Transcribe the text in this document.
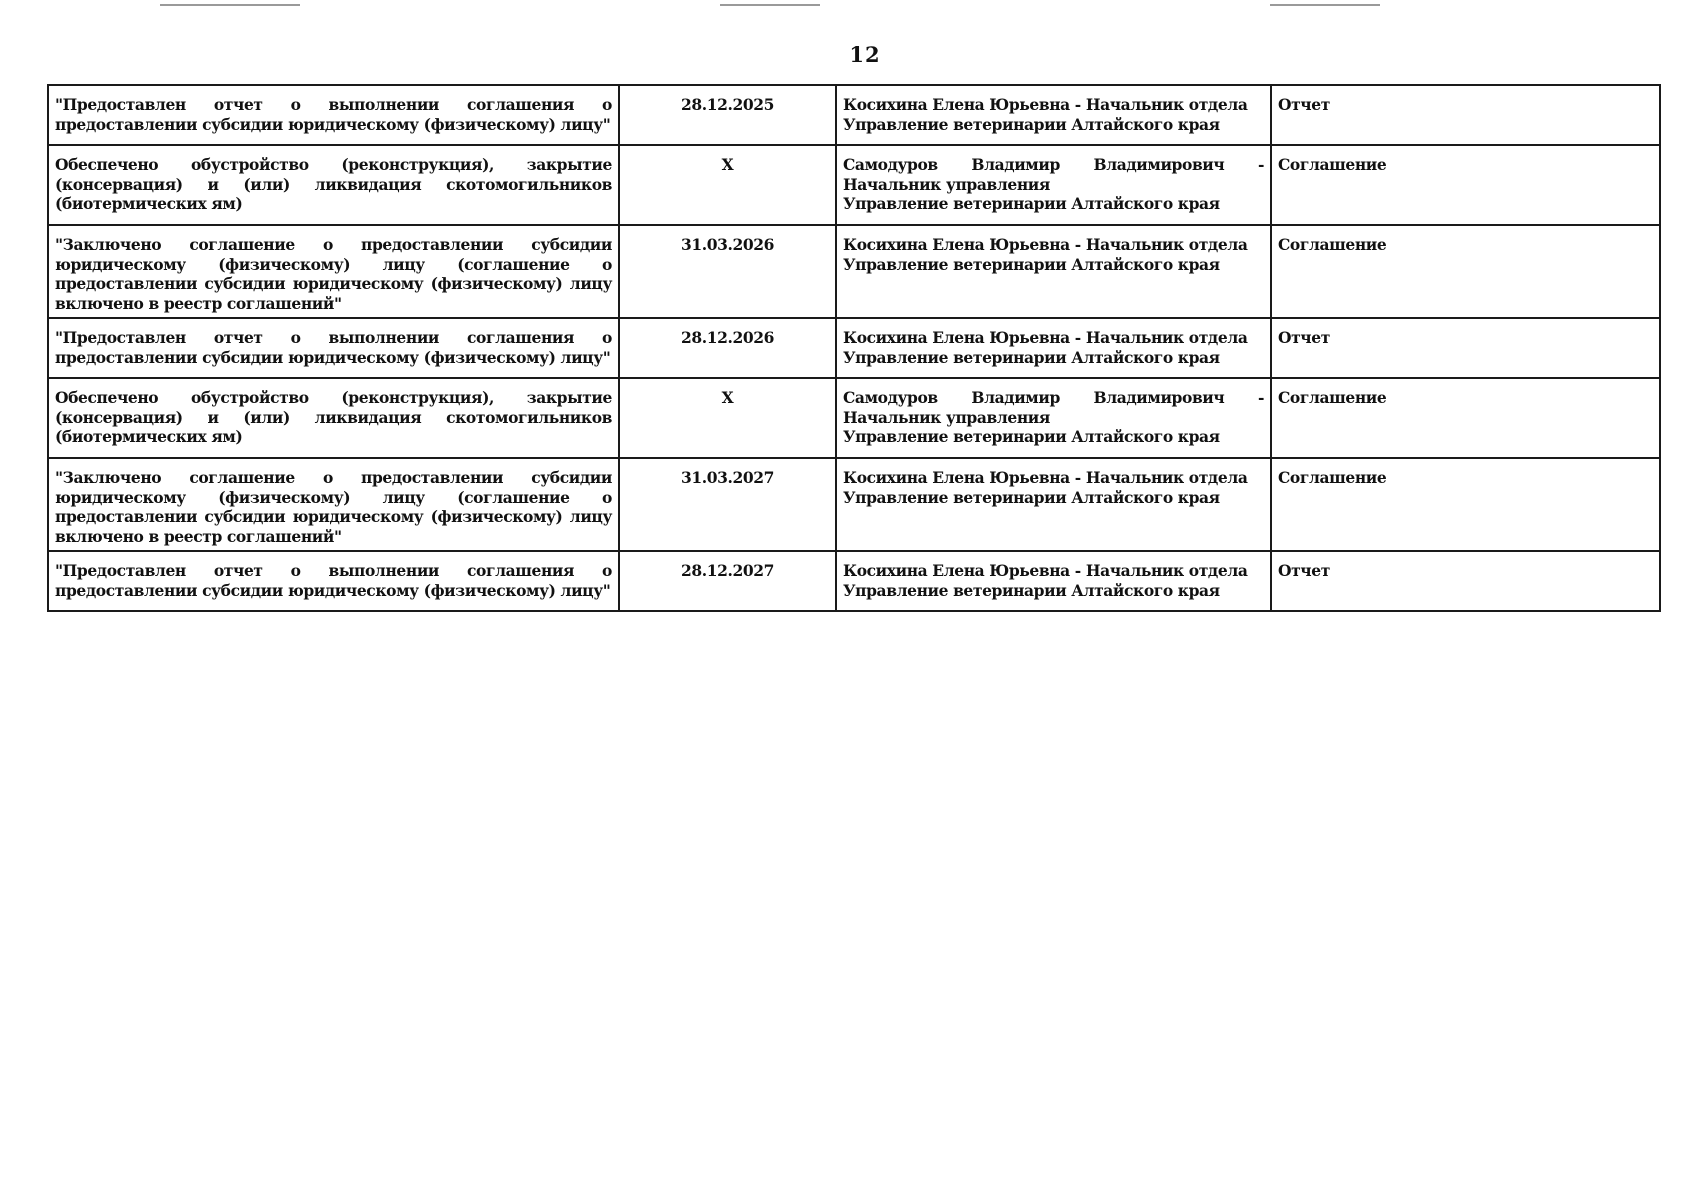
12
"Предоставлен отчет о выполнении соглашения о предоставлении субсидии юридическому (физическому) лицу"	28.12.2025	Косихина Елена Юрьевна - Начальник отдела
Управление ветеринарии Алтайского края	Отчет
Обеспечено обустройство (реконструкция), закрытие (консервация) и (или) ликвидация скотомогильников (биотермических ям)	X	Самодуров Владимир Владимирович - Начальник управления
Управление ветеринарии Алтайского края	Соглашение
"Заключено соглашение о предоставлении субсидии юридическому (физическому) лицу (соглашение о предоставлении субсидии юридическому (физическому) лицу включено в реестр соглашений"	31.03.2026	Косихина Елена Юрьевна - Начальник отдела
Управление ветеринарии Алтайского края	Соглашение
"Предоставлен отчет о выполнении соглашения о предоставлении субсидии юридическому (физическому) лицу"	28.12.2026	Косихина Елена Юрьевна - Начальник отдела
Управление ветеринарии Алтайского края	Отчет
Обеспечено обустройство (реконструкция), закрытие (консервация) и (или) ликвидация скотомогильников (биотермических ям)	X	Самодуров Владимир Владимирович - Начальник управления
Управление ветеринарии Алтайского края	Соглашение
"Заключено соглашение о предоставлении субсидии юридическому (физическому) лицу (соглашение о предоставлении субсидии юридическому (физическому) лицу включено в реестр соглашений"	31.03.2027	Косихина Елена Юрьевна - Начальник отдела
Управление ветеринарии Алтайского края	Соглашение
"Предоставлен отчет о выполнении соглашения о предоставлении субсидии юридическому (физическому) лицу"	28.12.2027	Косихина Елена Юрьевна - Начальник отдела
Управление ветеринарии Алтайского края	Отчет
